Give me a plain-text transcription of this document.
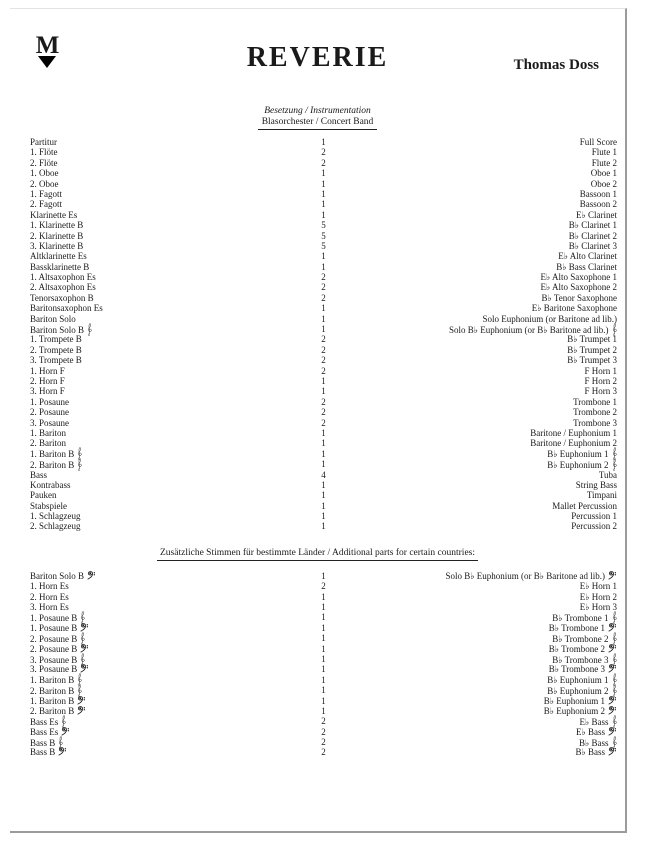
M	REVERIE	Thomas Doss
Besetzung / Instrumentation
Blasorchester / Concert Band
Partitur	1	Full Score
1. Flöte	2	Flute 1
2. Flöte	2	Flute 2
1. Oboe	1	Oboe 1
2. Oboe	1	Oboe 2
1. Fagott	1	Bassoon 1
2. Fagott	1	Bassoon 2
Klarinette Es	1	E♭ Clarinet
1. Klarinette B	5	B♭ Clarinet 1
2. Klarinette B	5	B♭ Clarinet 2
3. Klarinette B	5	B♭ Clarinet 3
Altklarinette Es	1	E♭ Alto Clarinet
Bassklarinette B	1	B♭ Bass Clarinet
1. Altsaxophon Es	2	E♭ Alto Saxophone 1
2. Altsaxophon Es	2	E♭ Alto Saxophone 2
Tenorsaxophon B	2	B♭ Tenor Saxophone
Baritonsaxophon Es	1	E♭ Baritone Saxophone
Bariton Solo	1	Solo Euphonium (or Baritone ad lib.)
Bariton Solo B	1	Solo B♭ Euphonium (or B♭ Baritone ad lib.)
1. Trompete B	2	B♭ Trumpet 1
2. Trompete B	2	B♭ Trumpet 2
3. Trompete B	2	B♭ Trumpet 3
1. Horn F	2	F Horn 1
2. Horn F	1	F Horn 2
3. Horn F	1	F Horn 3
1. Posaune	2	Trombone 1
2. Posaune	2	Trombone 2
3. Posaune	2	Trombone 3
1. Bariton	1	Baritone / Euphonium 1
2. Bariton	1	Baritone / Euphonium 2
1. Bariton B	1	B♭ Euphonium 1
2. Bariton B	1	B♭ Euphonium 2
Bass	4	Tuba
Kontrabass	1	String Bass
Pauken	1	Timpani
Stabspiele	1	Mallet Percussion
1. Schlagzeug	1	Percussion 1
2. Schlagzeug	1	Percussion 2
Zusätzliche Stimmen für bestimmte Länder / Additional parts for certain countries:
Bariton Solo B	1	Solo B♭ Euphonium (or B♭ Baritone ad lib.)
1. Horn Es	2	E♭ Horn 1
2. Horn Es	1	E♭ Horn 2
3. Horn Es	1	E♭ Horn 3
1. Posaune B	1	B♭ Trombone 1
1. Posaune B	1	B♭ Trombone 1
2. Posaune B	1	B♭ Trombone 2
2. Posaune B	1	B♭ Trombone 2
3. Posaune B	1	B♭ Trombone 3
3. Posaune B	1	B♭ Trombone 3
1. Bariton B	1	B♭ Euphonium 1
2. Bariton B	1	B♭ Euphonium 2
1. Bariton B	1	B♭ Euphonium 1
2. Bariton B	1	B♭ Euphonium 2
Bass Es	2	E♭ Bass
Bass Es	2	E♭ Bass
Bass B	2	B♭ Bass
Bass B	2	B♭ Bass
